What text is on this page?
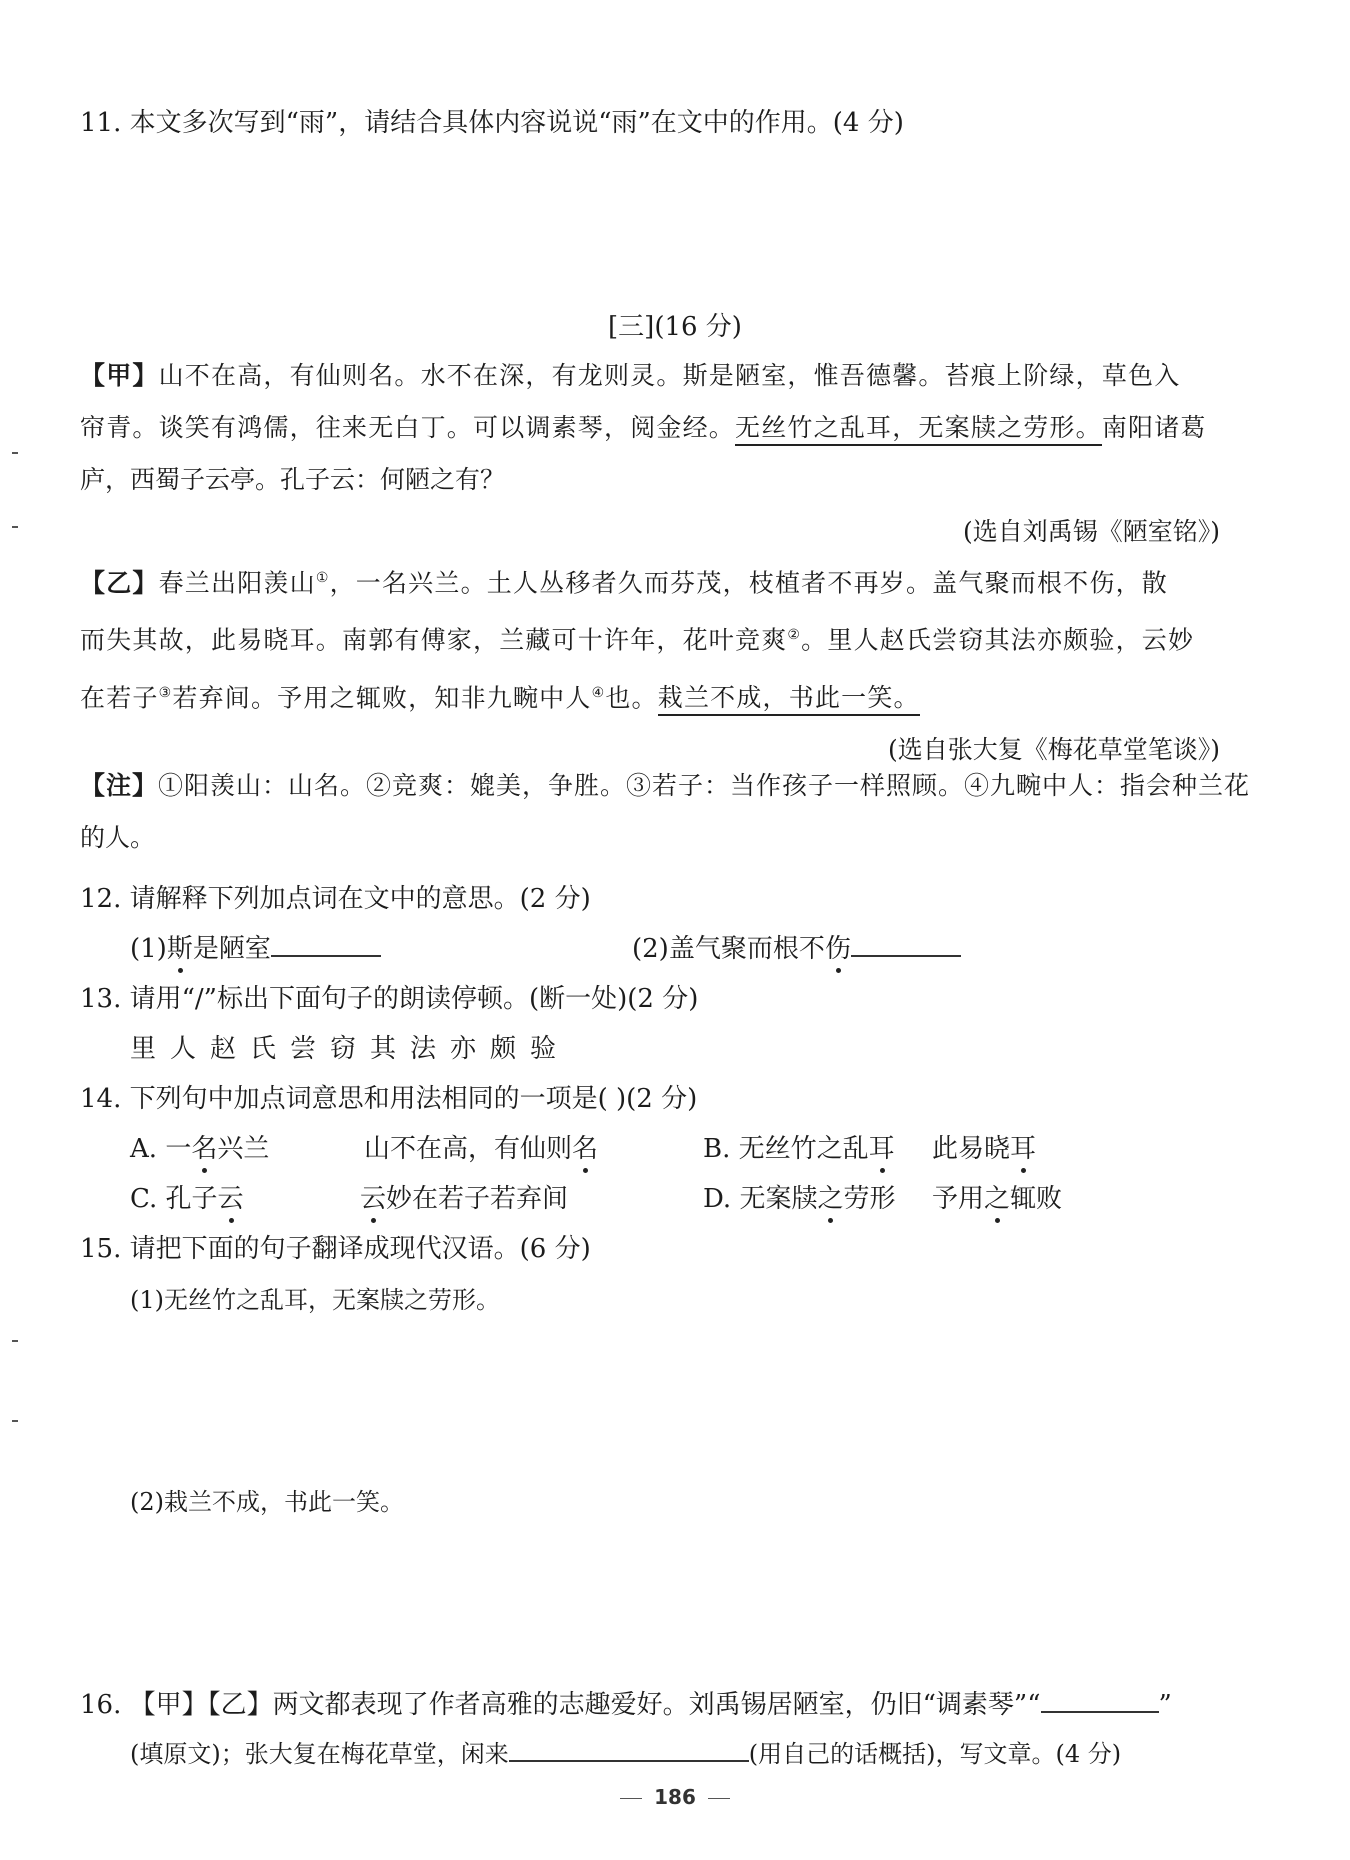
11. 本文多次写到“雨”，请结合具体内容说说“雨”在文中的作用。(4 分)
[三](16 分)
【甲】山不在高，有仙则名。水不在深，有龙则灵。斯是陋室，惟吾德馨。苔痕上阶绿，草色入
帘青。谈笑有鸿儒，往来无白丁。可以调素琴，阅金经。无丝竹之乱耳，无案牍之劳形。南阳诸葛
庐，西蜀子云亭。孔子云：何陋之有？
(选自刘禹锡《陋室铭》)
【乙】春兰出阳羡山①，一名兴兰。土人丛移者久而芬茂，枝植者不再岁。盖气聚而根不伤，散
而失其故，此易晓耳。南郭有傅家，兰藏可十许年，花叶竞爽②。里人赵氏尝窃其法亦颇验，云妙
在若子③若弃间。予用之辄败，知非九畹中人④也。栽兰不成，书此一笑。
(选自张大复《梅花草堂笔谈》)
【注】①阳羡山：山名。②竞爽：媲美，争胜。③若子：当作孩子一样照顾。④九畹中人：指会种兰花
的人。
12. 请解释下列加点词在文中的意思。(2 分)
(1)斯是陋室	(2)盖气聚而根不伤
13. 请用“/”标出下面句子的朗读停顿。(断一处)(2 分)
里人赵氏尝窃其法亦颇验
14. 下列句中加点词意思和用法相同的一项是( )(2 分)
A. 一名兴兰	山不在高，有仙则名	B. 无丝竹之乱耳 此易晓耳
C. 孔子云	云妙在若子若弃间	D. 无案牍之劳形 予用之辄败
15. 请把下面的句子翻译成现代汉语。(6 分)
(1)无丝竹之乱耳，无案牍之劳形。
(2)栽兰不成，书此一笑。
16. 【甲】【乙】两文都表现了作者高雅的志趣爱好。刘禹锡居陋室，仍旧“调素琴”“	”
(填原文)；张大复在梅花草堂，闲来	(用自己的话概括)，写文章。(4 分)
186
